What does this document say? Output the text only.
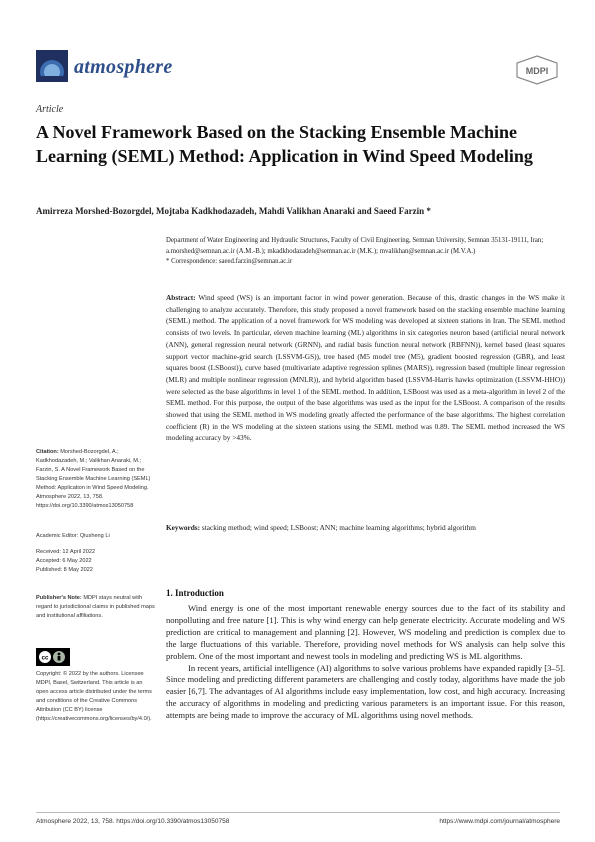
atmosphere	MDPI
Article
A Novel Framework Based on the Stacking Ensemble Machine Learning (SEML) Method: Application in Wind Speed Modeling
Amirreza Morshed-Bozorgdel, Mojtaba Kadkhodazadeh, Mahdi Valikhan Anaraki and Saeed Farzin *
Department of Water Engineering and Hydraulic Structures, Faculty of Civil Engineering, Semnan University, Semnan 35131-19111, Iran; a.morshed@semnan.ac.ir (A.M.-B.); mkadkhodazadeh@semnan.ac.ir (M.K.); mvalikhan@semnan.ac.ir (M.V.A.)
* Correspondence: saeed.farzin@semnan.ac.ir
Abstract: Wind speed (WS) is an important factor in wind power generation. Because of this, drastic changes in the WS make it challenging to analyze accurately. Therefore, this study proposed a novel framework based on the stacking ensemble machine learning (SEML) method. The application of a novel framework for WS modeling was developed at sixteen stations in Iran. The SEML method consists of two levels. In particular, eleven machine learning (ML) algorithms in six categories neuron based (artificial neural network (ANN), general regression neural network (GRNN), and radial basis function neural network (RBFNN)), kernel based (least squares support vector machine-grid search (LSSVM-GS)), tree based (M5 model tree (M5), gradient boosted regression (GBR), and least squares boost (LSBoost)), curve based (multivariate adaptive regression splines (MARS)), regression based (multiple linear regression (MLR) and multiple nonlinear regression (MNLR)), and hybrid algorithm based (LSSVM-Harris hawks optimization (LSSVM-HHO)) were selected as the base algorithms in level 1 of the SEML method. In addition, LSBoost was used as a meta-algorithm in level 2 of the SEML method. For this purpose, the output of the base algorithms was used as the input for the LSBoost. A comparison of the results showed that using the SEML method in WS modeling greatly affected the performance of the base algorithms. The highest correlation coefficient (R) in the WS modeling at the sixteen stations using the SEML method was 0.89. The SEML method increased the WS modeling accuracy by >43%.
Keywords: stacking method; wind speed; LSBoost; ANN; machine learning algorithms; hybrid algorithm
Citation: Morshed-Bozorgdel, A.; Kadkhodazadeh, M.; Valikhan Anaraki, M.; Farzin, S. A Novel Framework Based on the Stacking Ensemble Machine Learning (SEML) Method: Application in Wind Speed Modeling. Atmosphere 2022, 13, 758. https://doi.org/10.3390/atmos13050758
Academic Editor: Qiusheng Li
Received: 12 April 2022
Accepted: 6 May 2022
Published: 8 May 2022
Publisher's Note: MDPI stays neutral with regard to jurisdictional claims in published maps and institutional affiliations.
cc
Copyright: © 2022 by the authors. Licensee MDPI, Basel, Switzerland. This article is an open access article distributed under the terms and conditions of the Creative Commons Attribution (CC BY) license (https://creativecommons.org/licenses/by/4.0/).
1. Introduction

Wind energy is one of the most important renewable energy sources due to the fact of its stability and nonpolluting and free nature [1]. This is why wind energy can help generate electricity. Accurate modeling and WS prediction are critical to management and planning [2]. However, WS modeling and prediction is complex due to the large fluctuations of this variable. Therefore, providing novel methods for WS analysis can help solve this problem. One of the most important and newest tools in modeling and predicting WS is ML algorithms.

In recent years, artificial intelligence (AI) algorithms to solve various problems have expanded rapidly [3–5]. Since modeling and predicting different parameters are challenging and costly today, algorithms have made the job easier [6,7]. The advantages of AI algorithms include easy implementation, low cost, and high accuracy. Increasing the accuracy of algorithms in modeling and predicting various parameters is an important issue. For this reason, attempts are being made to improve the accuracy of ML algorithms using novel methods.

Atmosphere 2022, 13, 758. https://doi.org/10.3390/atmos13050758	https://www.mdpi.com/journal/atmosphere
